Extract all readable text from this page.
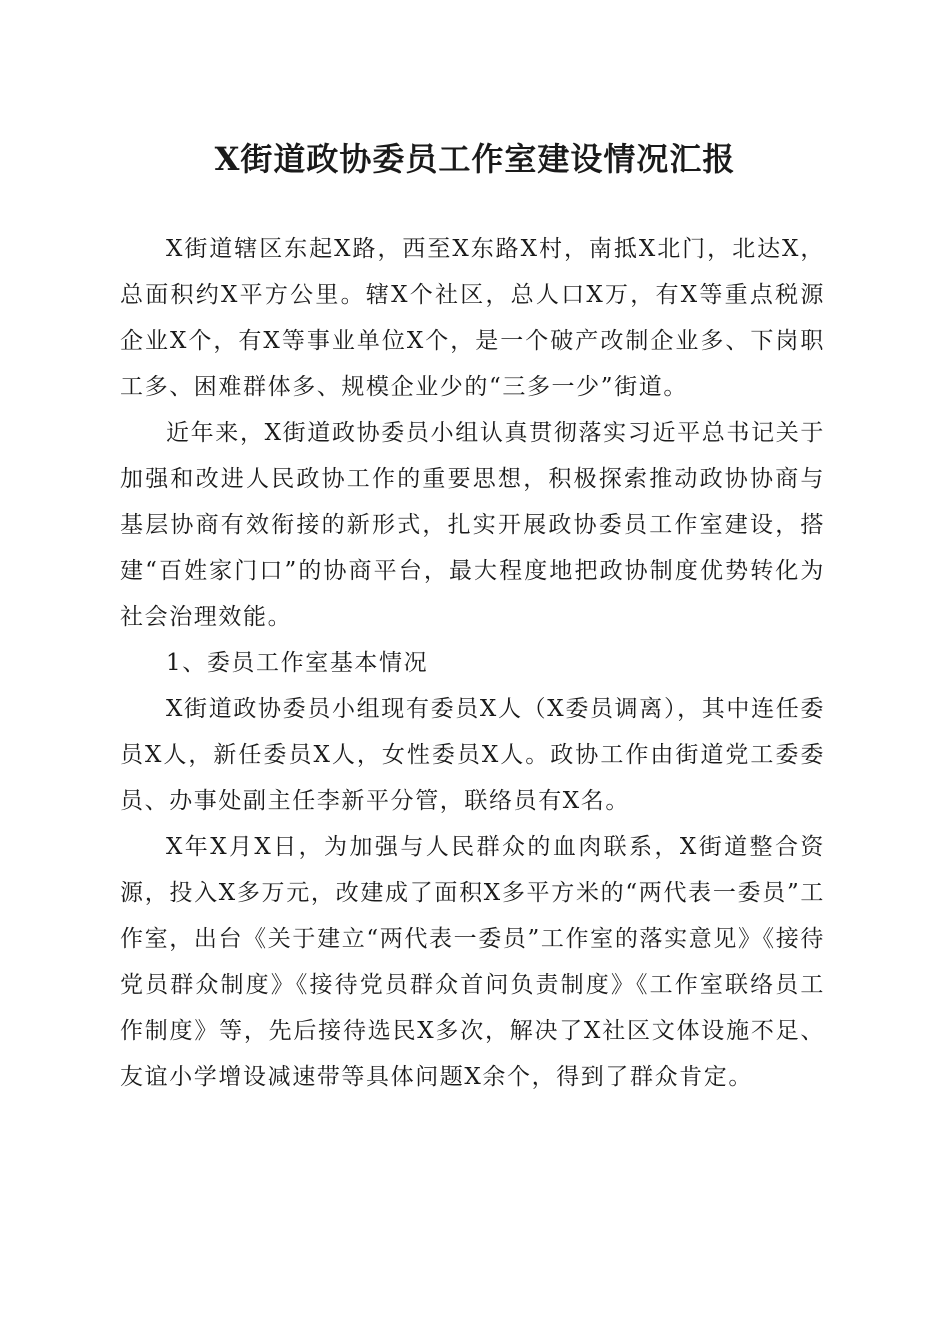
X街道政协委员工作室建设情况汇报

X街道辖区东起X路，西至X东路X村，南抵X北门，北达X，总面积约X平方公里。辖X个社区，总人口X万，有X等重点税源企业X个，有X等事业单位X个，是一个破产改制企业多、下岗职工多、困难群体多、规模企业少的“三多一少”街道。

近年来，X街道政协委员小组认真贯彻落实习近平总书记关于加强和改进人民政协工作的重要思想，积极探索推动政协协商与基层协商有效衔接的新形式，扎实开展政协委员工作室建设，搭建“百姓家门口”的协商平台，最大程度地把政协制度优势转化为社会治理效能。

1、委员工作室基本情况

X街道政协委员小组现有委员X人（X委员调离），其中连任委员X人，新任委员X人，女性委员X人。政协工作由街道党工委委员、办事处副主任李新平分管，联络员有X名。

X年X月X日，为加强与人民群众的血肉联系，X街道整合资源，投入X多万元，改建成了面积X多平方米的“两代表一委员”工作室，出台《关于建立“两代表一委员”工作室的落实意见》《接待党员群众制度》《接待党员群众首问负责制度》《工作室联络员工作制度》等，先后接待选民X多次，解决了X社区文体设施不足、友谊小学增设减速带等具体问题X余个，得到了群众肯定。
